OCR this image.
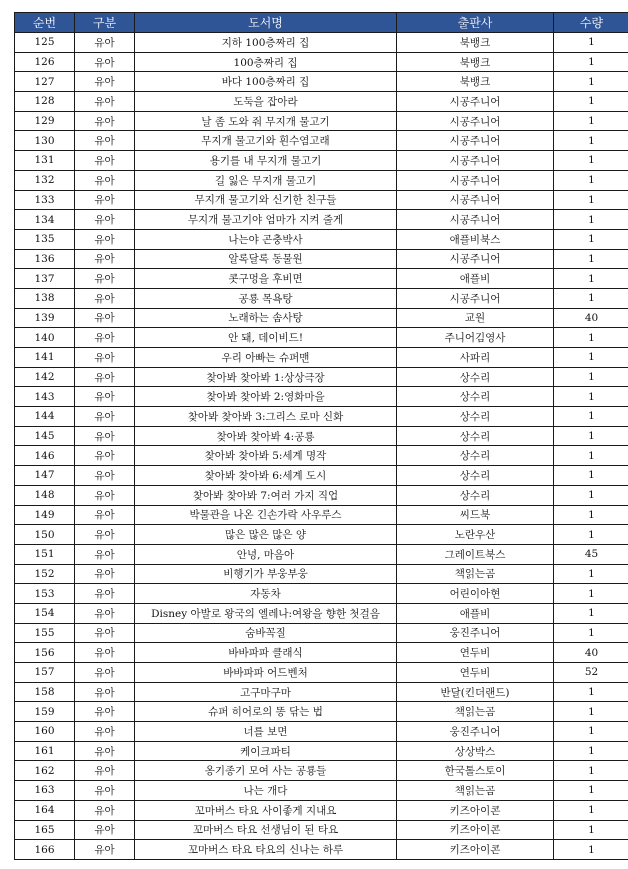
순번	구분	도서명	출판사	수량
125	유아	지하 100층짜리 집	북뱅크	1
126	유아	100층짜리 집	북뱅크	1
127	유아	바다 100층짜리 집	북뱅크	1
128	유아	도둑을 잡아라	시공주니어	1
129	유아	날 좀 도와 줘 무지개 물고기	시공주니어	1
130	유아	무지개 물고기와 흰수염고래	시공주니어	1
131	유아	용기를 내 무지개 물고기	시공주니어	1
132	유아	길 잃은 무지개 물고기	시공주니어	1
133	유아	무지개 물고기와 신기한 친구들	시공주니어	1
134	유아	무지개 물고기야 엄마가 지켜 줄게	시공주니어	1
135	유아	나는야 곤충박사	애플비북스	1
136	유아	알록달록 동물원	시공주니어	1
137	유아	콧구멍을 후비면	애플비	1
138	유아	공룡 목욕탕	시공주니어	1
139	유아	노래하는 솜사탕	교원	40
140	유아	안 돼, 데이비드!	주니어김영사	1
141	유아	우리 아빠는 슈퍼맨	사파리	1
142	유아	찾아봐 찾아봐 1:상상극장	상수리	1
143	유아	찾아봐 찾아봐 2:영화마을	상수리	1
144	유아	찾아봐 찾아봐 3:그리스 로마 신화	상수리	1
145	유아	찾아봐 찾아봐 4:공룡	상수리	1
146	유아	찾아봐 찾아봐 5:세계 명작	상수리	1
147	유아	찾아봐 찾아봐 6:세계 도시	상수리	1
148	유아	찾아봐 찾아봐 7:여러 가지 직업	상수리	1
149	유아	박물관을 나온 긴손가락 사우루스	씨드북	1
150	유아	많은 많은 많은 양	노란우산	1
151	유아	안녕, 마음아	그레이트북스	45
152	유아	비행기가 부웅부웅	책읽는곰	1
153	유아	자동차	어린이아현	1
154	유아	Disney 아발로 왕국의 엘레나:여왕을 향한 첫걸음	애플비	1
155	유아	숨바꼭질	웅진주니어	1
156	유아	바바파파 클래식	연두비	40
157	유아	바바파파 어드벤처	연두비	52
158	유아	고구마구마	반달(킨더랜드)	1
159	유아	슈퍼 히어로의 똥 닦는 법	책읽는곰	1
160	유아	너를 보면	웅진주니어	1
161	유아	케이크파티	상상박스	1
162	유아	옹기종기 모여 사는 공룡들	한국톨스토이	1
163	유아	나는 개다	책읽는곰	1
164	유아	꼬마버스 타요 사이좋게 지내요	키즈아이콘	1
165	유아	꼬마버스 타요 선생님이 된 타요	키즈아이콘	1
166	유아	꼬마버스 타요 타요의 신나는 하루	키즈아이콘	1
